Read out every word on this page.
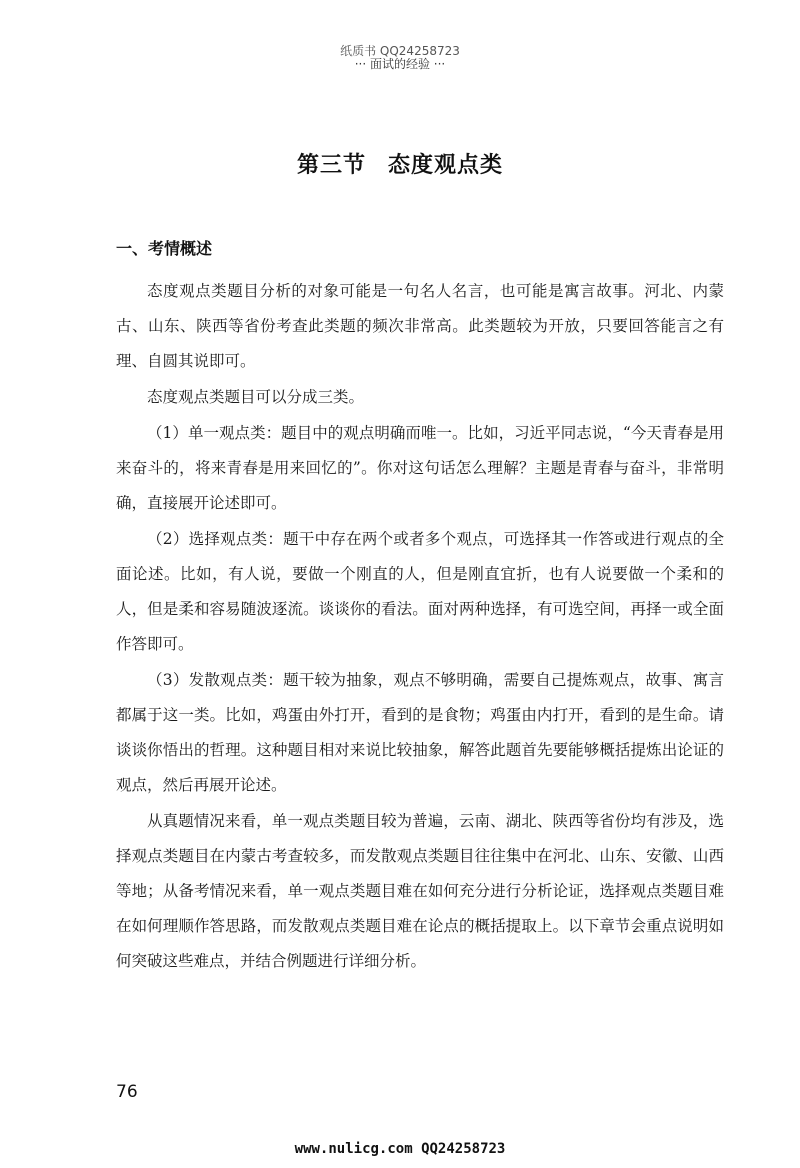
纸质书 QQ24258723
··· 面试的经验 ···
第三节 态度观点类
一、考情概述

态度观点类题目分析的对象可能是一句名人名言，也可能是寓言故事。河北、内蒙古、山东、陕西等省份考查此类题的频次非常高。此类题较为开放，只要回答能言之有理、自圆其说即可。

态度观点类题目可以分成三类。

（1）单一观点类：题目中的观点明确而唯一。比如，习近平同志说，“今天青春是用来奋斗的，将来青春是用来回忆的”。你对这句话怎么理解？主题是青春与奋斗，非常明确，直接展开论述即可。

（2）选择观点类：题干中存在两个或者多个观点，可选择其一作答或进行观点的全面论述。比如，有人说，要做一个刚直的人，但是刚直宜折，也有人说要做一个柔和的人，但是柔和容易随波逐流。谈谈你的看法。面对两种选择，有可选空间，再择一或全面作答即可。

（3）发散观点类：题干较为抽象，观点不够明确，需要自己提炼观点，故事、寓言都属于这一类。比如，鸡蛋由外打开，看到的是食物；鸡蛋由内打开，看到的是生命。请谈谈你悟出的哲理。这种题目相对来说比较抽象，解答此题首先要能够概括提炼出论证的观点，然后再展开论述。

从真题情况来看，单一观点类题目较为普遍，云南、湖北、陕西等省份均有涉及，选择观点类题目在内蒙古考查较多，而发散观点类题目往往集中在河北、山东、安徽、山西等地；从备考情况来看，单一观点类题目难在如何充分进行分析论证，选择观点类题目难在如何理顺作答思路，而发散观点类题目难在论点的概括提取上。以下章节会重点说明如何突破这些难点，并结合例题进行详细分析。

76
www.nulicg.com QQ24258723
